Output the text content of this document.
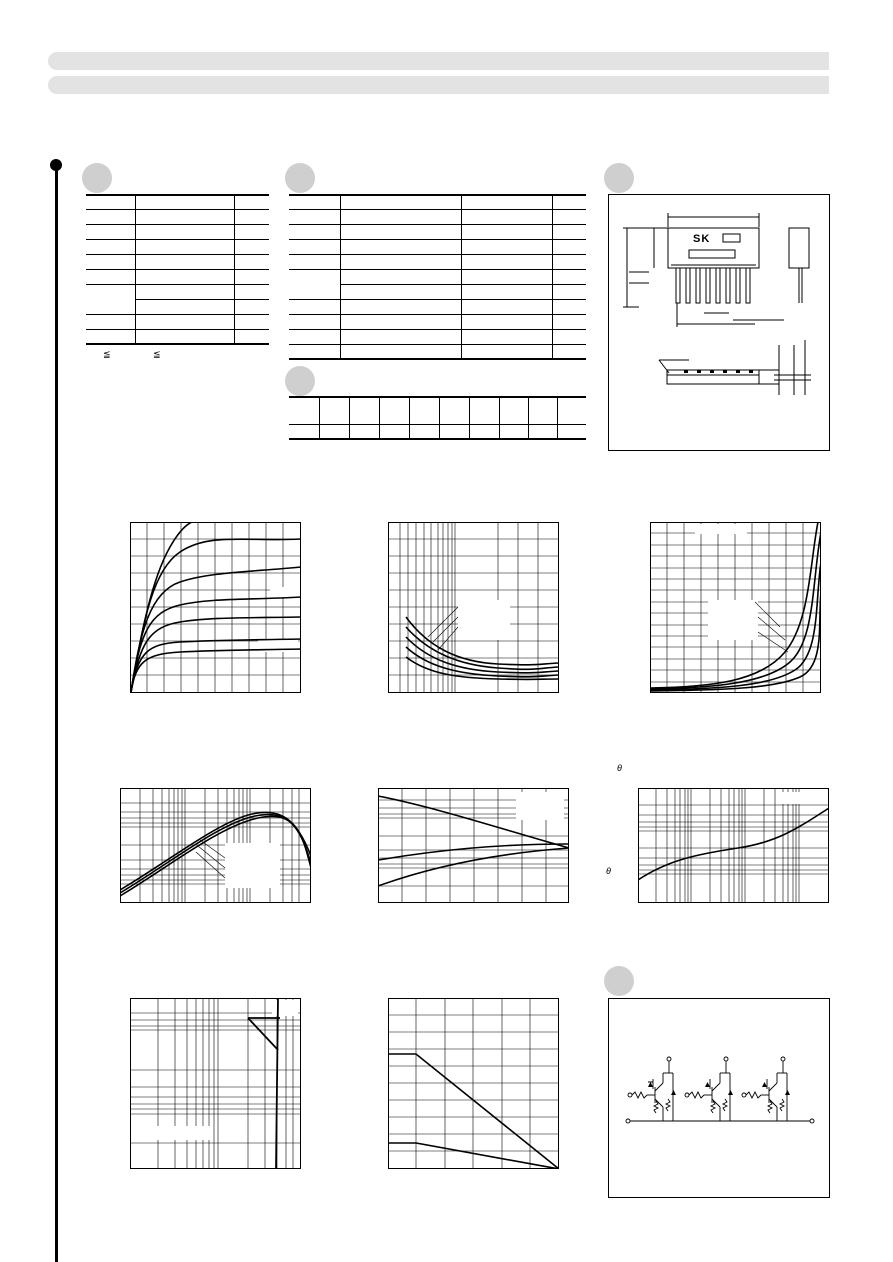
≦	≦
SK
θ
θ
